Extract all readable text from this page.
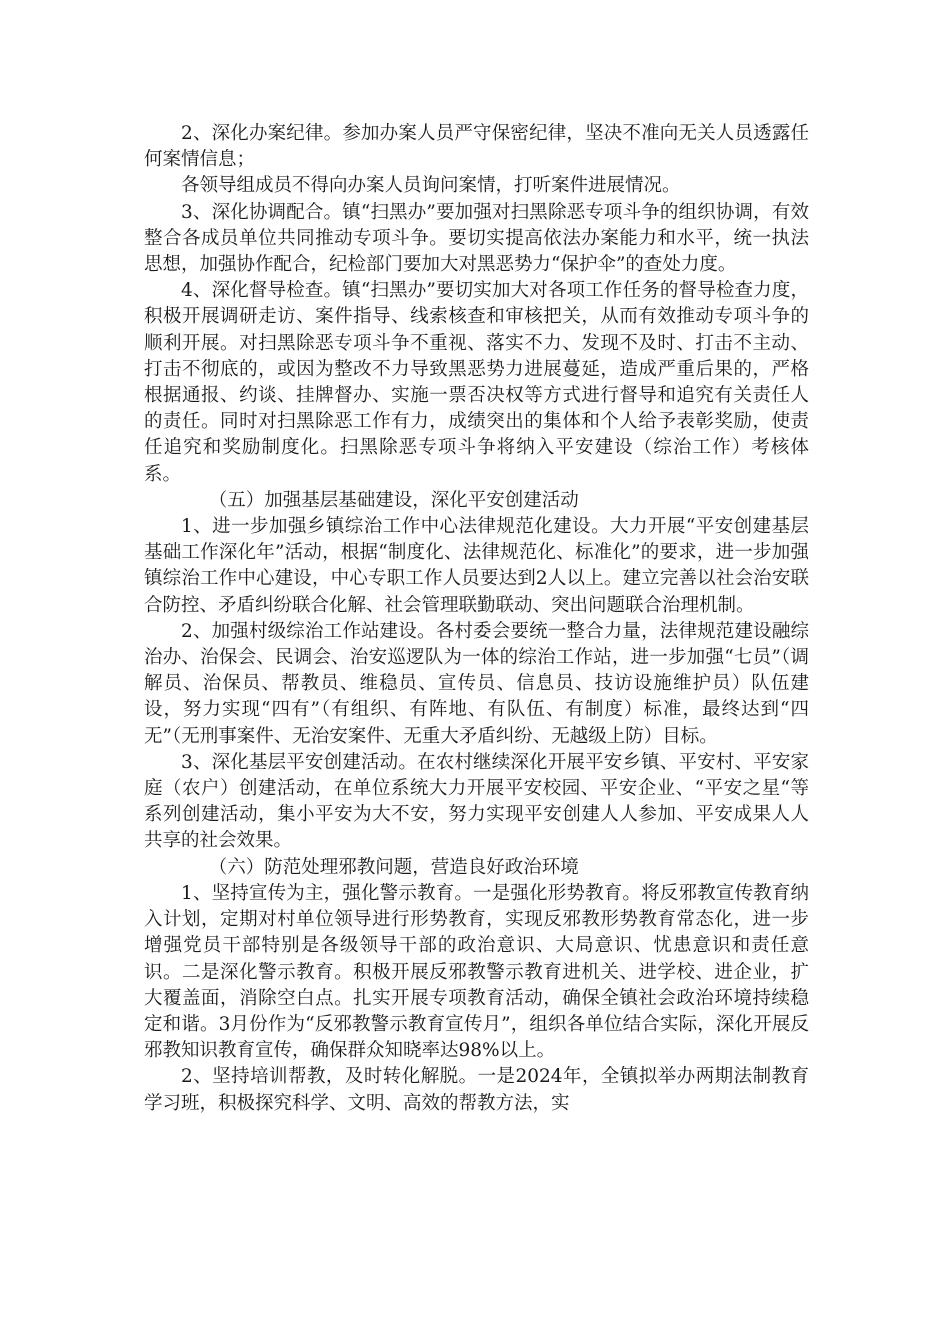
2、深化办案纪律。参加办案人员严守保密纪律，坚决不准向无关人员透露任何案情信息；

各领导组成员不得向办案人员询问案情，打听案件进展情况。

3、深化协调配合。镇“扫黑办”要加强对扫黑除恶专项斗争的组织协调，有效整合各成员单位共同推动专项斗争。要切实提高依法办案能力和水平，统一执法思想，加强协作配合，纪检部门要加大对黑恶势力“保护伞”的查处力度。

4、深化督导检查。镇“扫黑办”要切实加大对各项工作任务的督导检查力度，积极开展调研走访、案件指导、线索核查和审核把关，从而有效推动专项斗争的顺利开展。对扫黑除恶专项斗争不重视、落实不力、发现不及时、打击不主动、打击不彻底的，或因为整改不力导致黑恶势力进展蔓延，造成严重后果的，严格根据通报、约谈、挂牌督办、实施一票否决权等方式进行督导和追究有关责任人的责任。同时对扫黑除恶工作有力，成绩突出的集体和个人给予表彰奖励，使责任追究和奖励制度化。扫黑除恶专项斗争将纳入平安建设（综治工作）考核体系。

（五）加强基层基础建设，深化平安创建活动

1、进一步加强乡镇综治工作中心法律规范化建设。大力开展“平安创建基层基础工作深化年”活动，根据“制度化、法律规范化、标准化”的要求，进一步加强镇综治工作中心建设，中心专职工作人员要达到2人以上。建立完善以社会治安联合防控、矛盾纠纷联合化解、社会管理联勤联动、突出问题联合治理机制。

2、加强村级综治工作站建设。各村委会要统一整合力量，法律规范建设融综治办、治保会、民调会、治安巡逻队为一体的综治工作站，进一步加强“七员”（调解员、治保员、帮教员、维稳员、宣传员、信息员、技访设施维护员）队伍建设，努力实现“四有”（有组织、有阵地、有队伍、有制度）标准，最终达到“四无”（无刑事案件、无治安案件、无重大矛盾纠纷、无越级上防）目标。

3、深化基层平安创建活动。在农村继续深化开展平安乡镇、平安村、平安家庭（农户）创建活动，在单位系统大力开展平安校园、平安企业、“平安之星“等系列创建活动，集小平安为大不安，努力实现平安创建人人参加、平安成果人人共享的社会效果。

（六）防范处理邪教问题，营造良好政治环境

1、坚持宣传为主，强化警示教育。一是强化形势教育。将反邪教宣传教育纳入计划，定期对村单位领导进行形势教育，实现反邪教形势教育常态化，进一步增强党员干部特别是各级领导干部的政治意识、大局意识、忧患意识和责任意识。二是深化警示教育。积极开展反邪教警示教育进机关、进学校、进企业，扩大覆盖面，消除空白点。扎实开展专项教育活动，确保全镇社会政治环境持续稳定和谐。3月份作为“反邪教警示教育宣传月”，组织各单位结合实际，深化开展反邪教知识教育宣传，确保群众知晓率达98%以上。

2、坚持培训帮教，及时转化解脱。一是2024年，全镇拟举办两期法制教育学习班，积极探究科学、文明、高效的帮教方法，实
